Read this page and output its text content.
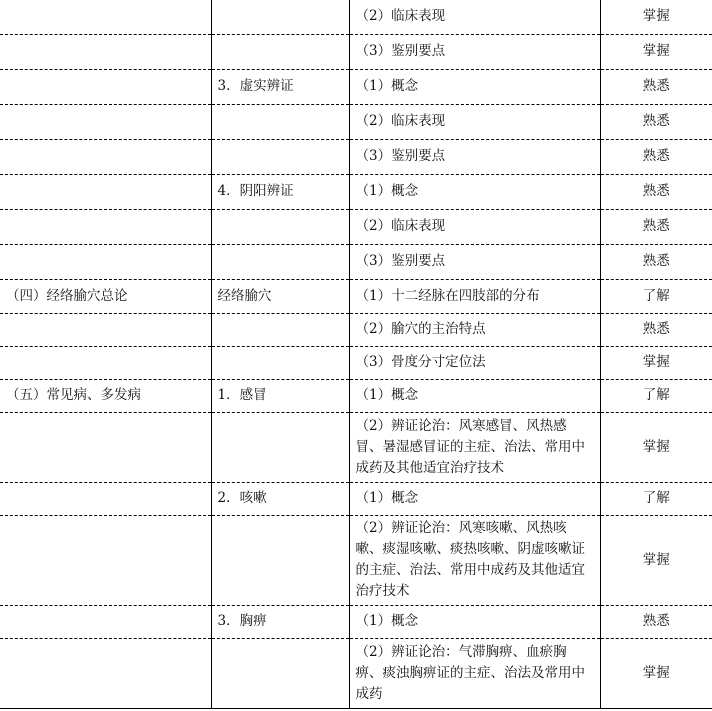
		（2）临床表现	掌握
		（3）鉴别要点	掌握
	3．虚实辨证	（1）概念	熟悉
		（2）临床表现	熟悉
		（3）鉴别要点	熟悉
	4．阴阳辨证	（1）概念	熟悉
		（2）临床表现	熟悉
		（3）鉴别要点	熟悉
（四）经络腧穴总论	经络腧穴	（1）十二经脉在四肢部的分布	了解
		（2）腧穴的主治特点	熟悉
		（3）骨度分寸定位法	掌握
（五）常见病、多发病	1．感冒	（1）概念	了解
		（2）辨证论治：风寒感冒、风热感冒、暑湿感冒证的主症、治法、常用中成药及其他适宜治疗技术	掌握
	2．咳嗽	（1）概念	了解
		（2）辨证论治：风寒咳嗽、风热咳嗽、痰湿咳嗽、痰热咳嗽、阴虚咳嗽证的主症、治法、常用中成药及其他适宜治疗技术	掌握
	3．胸痹	（1）概念	熟悉
		（2）辨证论治：气滞胸痹、血瘀胸痹、痰浊胸痹证的主症、治法及常用中成药	掌握
